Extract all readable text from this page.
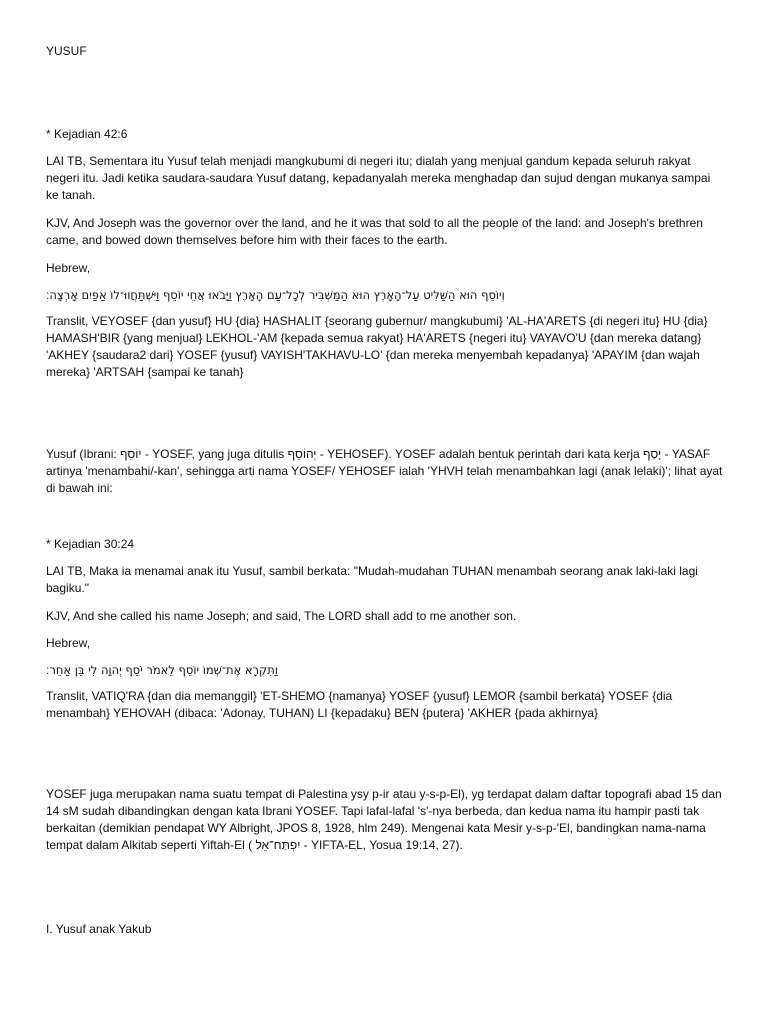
YUSUF

* Kejadian 42:6

LAI TB, Sementara itu Yusuf telah menjadi mangkubumi di negeri itu; dialah yang menjual gandum kepada seluruh rakyat negeri itu. Jadi ketika saudara-saudara Yusuf datang, kepadanyalah mereka menghadap dan sujud dengan mukanya sampai ke tanah.

KJV, And Joseph was the governor over the land, and he it was that sold to all the people of the land: and Joseph's brethren came, and bowed down themselves before him with their faces to the earth.

Hebrew,

וְיוֹסֵף הוּא הַשַּׁלִּיט עַל־הָאָרֶץ הוּא הַמַּשְׁבִּיר לְכָל־עַם הָאָרֶץ וַיָּבֹאוּ אֲחֵי יוֹסֵף וַיִּשְׁתַּחֲווּ־לוֹ אַפַּיִם אָרְצָה׃

Translit, VEYOSEF {dan yusuf} HU {dia} HASHALIT {seorang gubernur/ mangkubumi} 'AL-HA'ARETS {di negeri itu} HU {dia} HAMASH'BIR {yang menjual} LEKHOL-'AM {kepada semua rakyat} HA'ARETS {negeri itu} VAYAVO'U {dan mereka datang} 'AKHEY {saudara2 dari} YOSEF {yusuf} VAYISH'TAKHAVU-LO' {dan mereka menyembah kepadanya} 'APAYIM {dan wajah mereka} 'ARTSAH {sampai ke tanah}

Yusuf (Ibrani: יוֹסֵף - YOSEF, yang juga ditulis יְהוֹסֵף - YEHOSEF). YOSEF adalah bentuk perintah dari kata kerja יָסַף - YASAF artinya 'menambahi/-kan', sehingga arti nama YOSEF/ YEHOSEF ialah 'YHVH telah menambahkan lagi (anak lelaki)'; lihat ayat di bawah ini:

* Kejadian 30:24

LAI TB, Maka ia menamai anak itu Yusuf, sambil berkata: "Mudah-mudahan TUHAN menambah seorang anak laki-laki lagi bagiku."

KJV, And she called his name Joseph; and said, The LORD shall add to me another son.

Hebrew,

וַתִּקְרָא אֶת־שְׁמוֹ יוֹסֵף לֵאמֹר יֹסֵף יְהוָה לִי בֵּן אַחֵר׃

Translit, VATIQ'RA {dan dia memanggil} 'ET-SHEMO {namanya} YOSEF {yusuf} LEMOR {sambil berkata} YOSEF {dia menambah} YEHOVAH (dibaca: 'Adonay, TUHAN) LI {kepadaku} BEN {putera} 'AKHER {pada akhirnya}

YOSEF juga merupakan nama suatu tempat di Palestina ysy p-ir atau y-s-p-El), yg terdapat dalam daftar topografi abad 15 dan 14 sM sudah dibandingkan dengan kata Ibrani YOSEF. Tapi lafal-lafal 's'-nya berbeda, dan kedua nama itu hampir pasti tak berkaitan (demikian pendapat WY Albright, JPOS 8, 1928, hlm 249). Mengenai kata Mesir y-s-p-'El, bandingkan nama-nama tempat dalam Alkitab seperti Yiftah-El ( יִפְתַּח־אֵל - YIFTA-EL, Yosua 19:14, 27).

I. Yusuf anak Yakub
